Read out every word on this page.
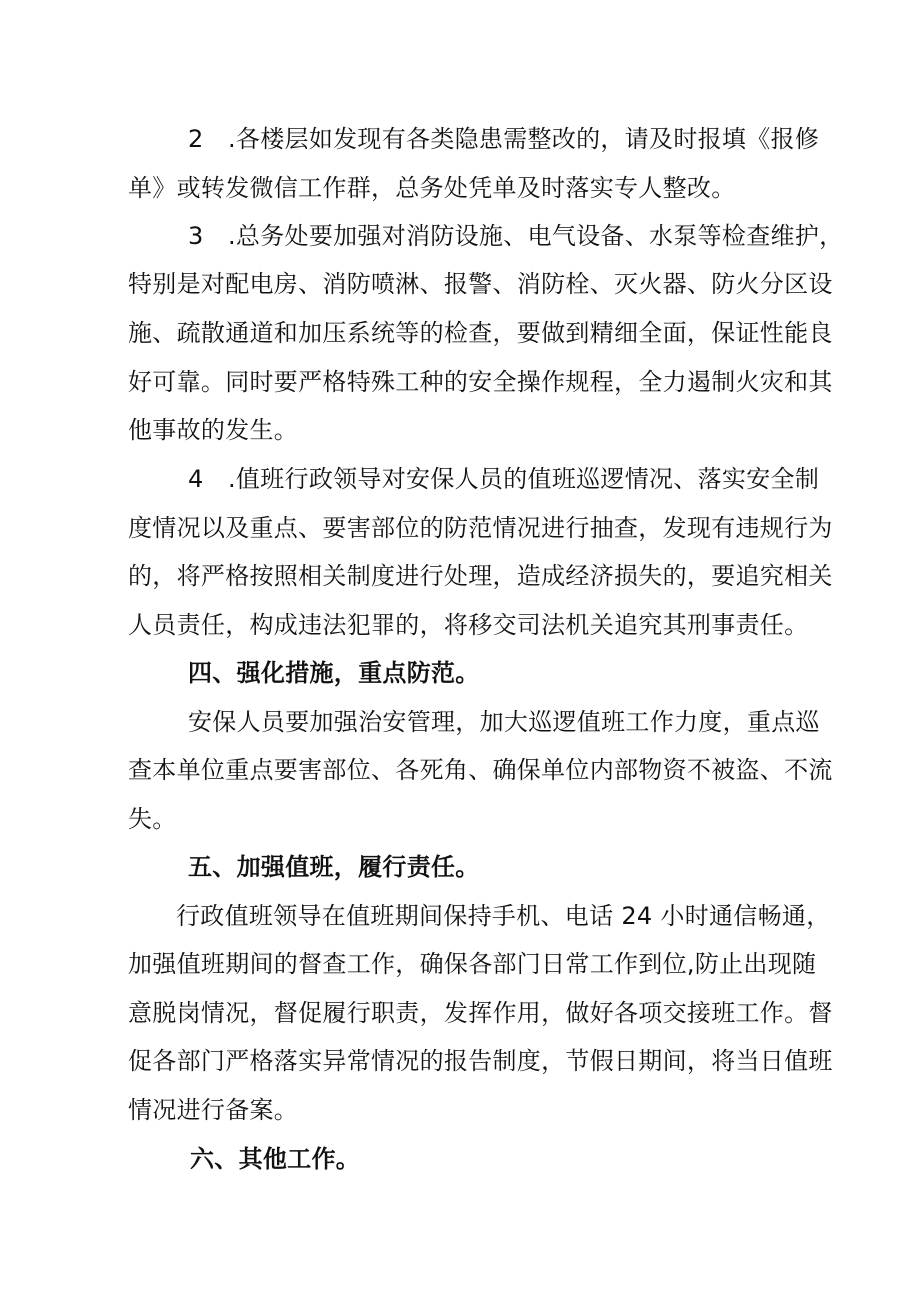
2 .各楼层如发现有各类隐患需整改的，请及时报填《报修
单》或转发微信工作群，总务处凭单及时落实专人整改。
3 .总务处要加强对消防设施、电气设备、水泵等检查维护，
特别是对配电房、消防喷淋、报警、消防栓、灭火器、防火分区设
施、疏散通道和加压系统等的检查，要做到精细全面，保证性能良
好可靠。同时要严格特殊工种的安全操作规程，全力遏制火灾和其
他事故的发生。
4 .值班行政领导对安保人员的值班巡逻情况、落实安全制
度情况以及重点、要害部位的防范情况进行抽查，发现有违规行为
的，将严格按照相关制度进行处理，造成经济损失的，要追究相关
人员责任，构成违法犯罪的，将移交司法机关追究其刑事责任。
四、强化措施，重点防范。
安保人员要加强治安管理，加大巡逻值班工作力度，重点巡
查本单位重点要害部位、各死角、确保单位内部物资不被盗、不流
失。
五、加强值班，履行责任。
行政值班领导在值班期间保持手机、电话 24 小时通信畅通，
加强值班期间的督查工作，确保各部门日常工作到位,防止出现随
意脱岗情况，督促履行职责，发挥作用，做好各项交接班工作。督
促各部门严格落实异常情况的报告制度，节假日期间，将当日值班
情况进行备案。
六、其他工作。
